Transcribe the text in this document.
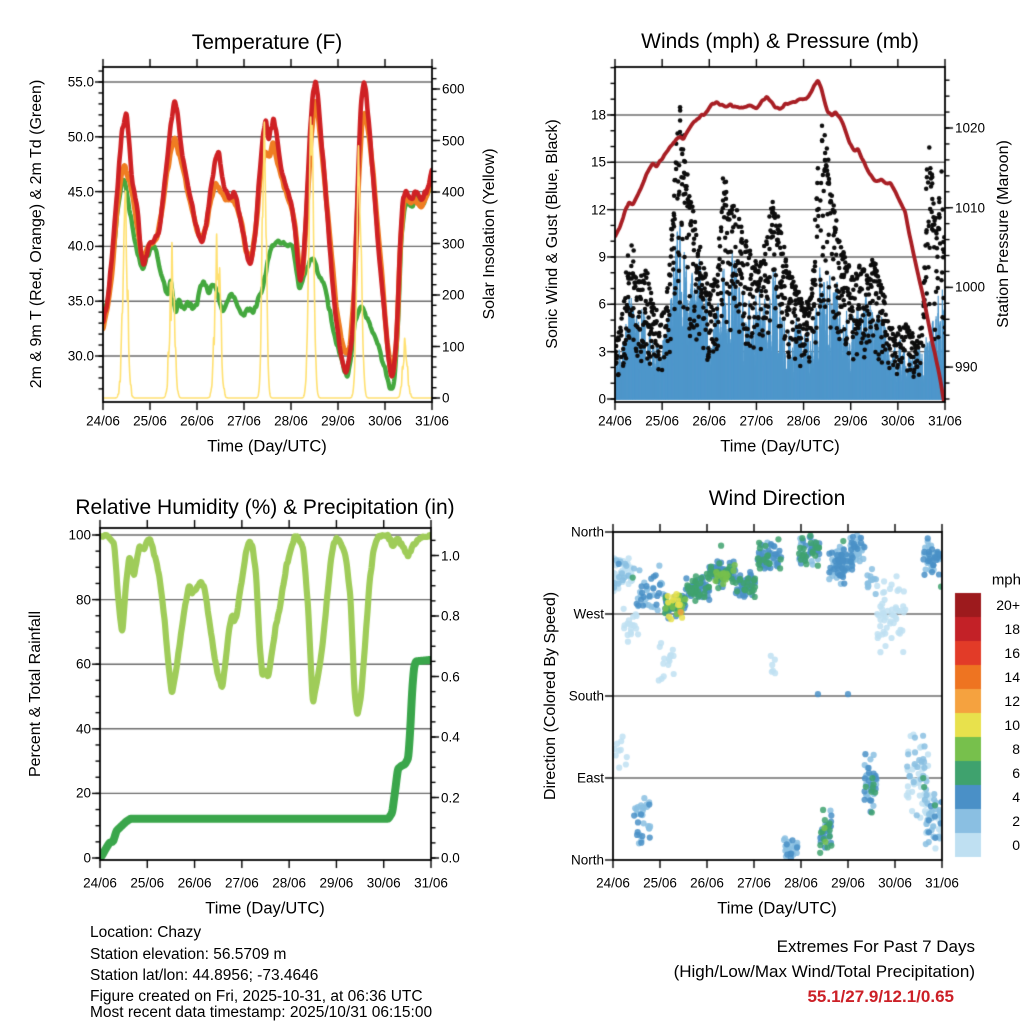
Temperature (F)	Winds (mph) & Pressure (mb)
Relative Humidity (%) & Precipitation (in)	Wind Direction
2m & 9m T (Red, Orange) & 2m Td (Green)	Solar Insolation (Yellow)	Sonic Wind & Gust (Blue, Black)	Station Pressure (Maroon)
Percent & Total Rainfall	Direction (Colored By Speed)
Time (Day/UTC)	Time (Day/UTC)
Time (Day/UTC)	Time (Day/UTC)
mph
24/06 25/06 26/06 27/06 28/06 29/06 30/06 31/06
55.0
50.0
45.0
40.0
35.0
30.0
600
500
400
300
200
100
0
24/06 25/06 26/06 27/06 28/06 29/06 30/06 31/06
18
15
12
9
6
3
0
1020
1010
1000
990
24/06 25/06 26/06 27/06 28/06 29/06 30/06 31/06
100
80
60
40
20
0
1.0
0.8
0.6
0.4
0.2
0.0
24/06 25/06 26/06 27/06 28/06 29/06 30/06 31/06
North
West
South
East
North
20+
18
16
14
12
10
8
6
4
2
0
Location: Chazy
Station elevation: 56.5709 m
Station lat/lon: 44.8956; -73.4646
Figure created on Fri, 2025-10-31, at 06:36 UTC
Most recent data timestamp: 2025/10/31 06:15:00
Extremes For Past 7 Days
(High/Low/Max Wind/Total Precipitation)
55.1/27.9/12.1/0.65
